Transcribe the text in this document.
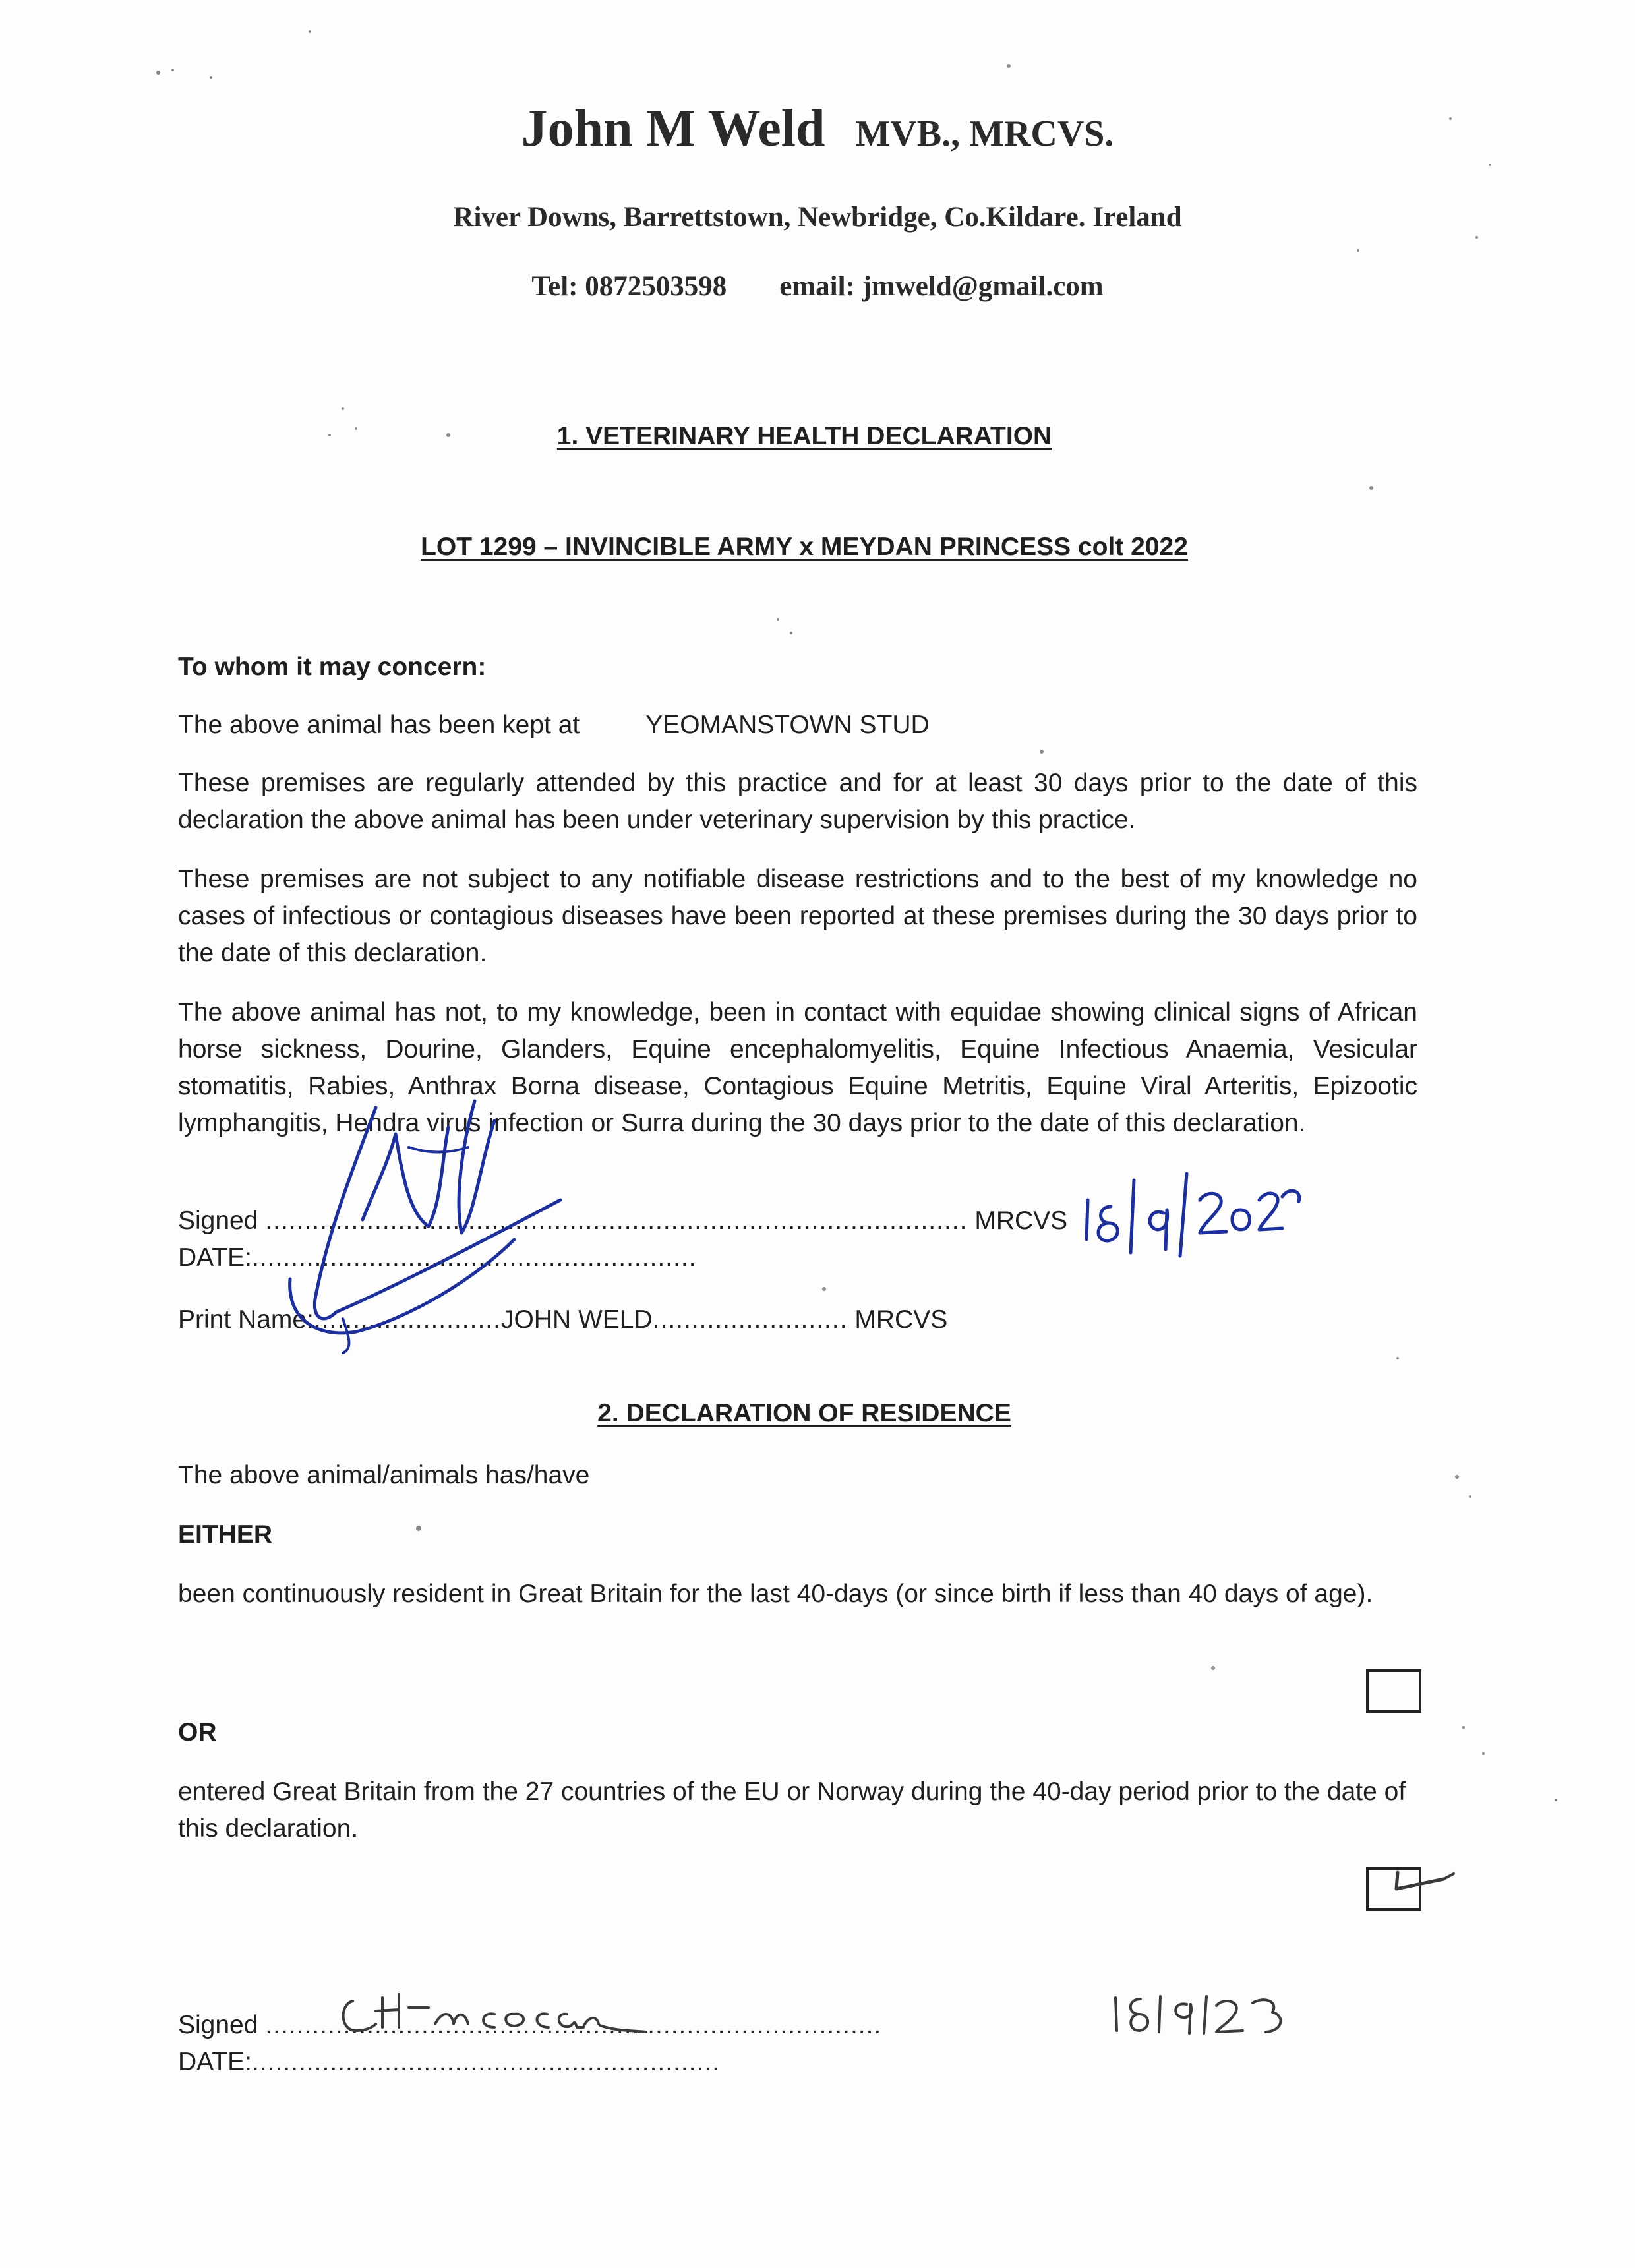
John M Weld MVB., MRCVS.
River Downs, Barrettstown, Newbridge, Co.Kildare. Ireland
Tel: 0872503598 email: jmweld@gmail.com
1. VETERINARY HEALTH DECLARATION
LOT 1299 – INVINCIBLE ARMY x MEYDAN PRINCESS colt 2022
To whom it may concern:
The above animal has been kept at	YEOMANSTOWN STUD
These premises are regularly attended by this practice and for at least 30 days prior to the date of this declaration the above animal has been under veterinary supervision by this practice.
These premises are not subject to any notifiable disease restrictions and to the best of my knowledge no cases of infectious or contagious diseases have been reported at these premises during the 30 days prior to the date of this declaration.
The above animal has not, to my knowledge, been in contact with equidae showing clinical signs of African horse sickness, Dourine, Glanders, Equine encephalomyelitis, Equine Infectious Anaemia, Vesicular stomatitis, Rabies, Anthrax Borna disease, Contagious Equine Metritis, Equine Viral Arteritis, Epizootic lymphangitis, Hendra virus infection or Surra during the 30 days prior to the date of this declaration.
Signed .......................................................................................... MRCVSDATE:.........................................................
Print Name:........................JOHN WELD......................... MRCVS
2. DECLARATION OF RESIDENCE
The above animal/animals has/have
EITHER
been continuously resident in Great Britain for the last 40-days (or since birth if less than 40 days of age).
OR
entered Great Britain from the 27 countries of the EU or Norway during the 40-day period prior to the date of this declaration.
Signed ...............................................................................DATE:............................................................
